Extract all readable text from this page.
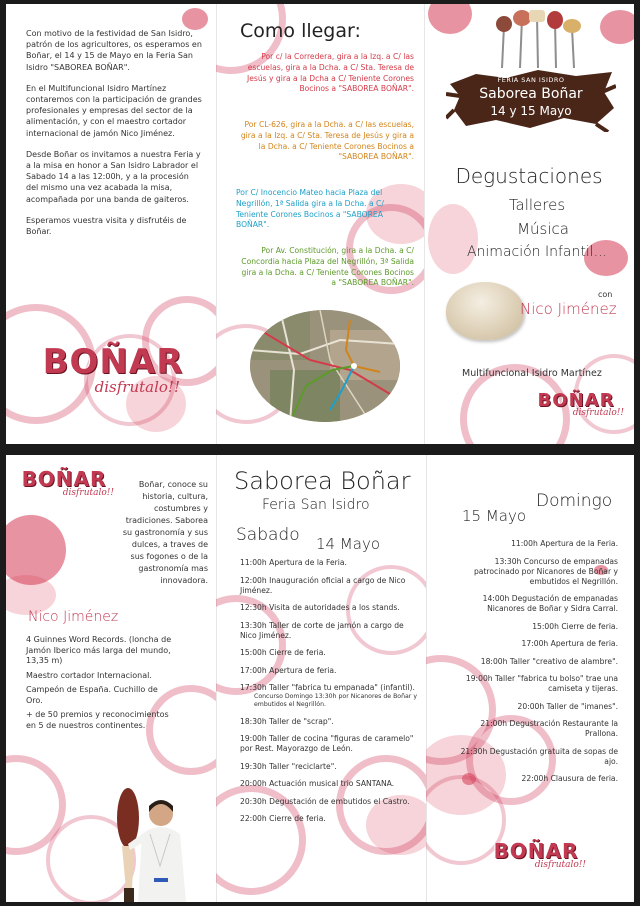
Con motivo de la festividad de San Isidro, patrón de los agricultores, os esperamos en Boñar, el 14 y 15 de Mayo en la Feria San Isidro "SABOREA BOÑAR".

En el Multifuncional Isidro Martínez contaremos con la participación de grandes profesionales y empresas del sector de la alimentación, y con el maestro cortador internacional de jamón Nico Jiménez.

Desde Boñar os invitamos a nuestra Feria y a la misa en honor a San Isidro Labrador el Sabado 14 a las 12:00h, y a la procesión del mismo una vez acabada la misa, acompañada por una banda de gaiteros.

Esperamos vuestra visita y disfrutéis de Boñar.

BOÑAR
disfrutalo!!
Como llegar:
Por c/ la Corredera, gira a la Izq. a C/ las escuelas, gira a la Dcha. a C/ Sta. Teresa de Jesús y gira a la Dcha a C/ Teniente Corones Bocinos a "SABOREA BOÑAR".
Por CL-626, gira a la Dcha. a C/ las escuelas, gira a la Izq. a C/ Sta. Teresa de Jesús y gira a la Dcha. a C/ Teniente Corones Bocinos a "SABOREA BOÑAR".
Por C/ Inocencio Mateo hacia Plaza del Negrillón, 1ª Salida gira a la Dcha. a C/ Teniente Corones Bocinos a "SABOREA BOÑAR".
Por Av. Constitución, gira a la Dcha. a C/ Concordia hacia Plaza del Negrillón, 3ª Salida gira a la Dcha. a C/ Teniente Corones Bocinos a "SABOREA BOÑAR".
FERIA SAN ISIDRO
Saborea Boñar
14 y 15 Mayo
Degustaciones
Talleres
Música
Animación Infantil...
con
Nico Jiménez
Multifuncional Isidro Martínez
BOÑAR
disfrutalo!!
BOÑAR
disfrutalo!!
Boñar, conoce su historia, cultura, costumbres y tradiciones. Saborea su gastronomía y sus dulces, a traves de sus fogones o de la gastronomía mas innovadora.
Nico Jiménez
4 Guinnes Word Records. (loncha de Jamón Iberico más larga del mundo, 13,35 m)
Maestro cortador Internacional.
Campeón de España. Cuchillo de Oro.
+ de 50 premios y reconocimientos en 5 de nuestros continentes.
Saborea Boñar
Feria San Isidro
Sabado 14 Mayo
11:00h Apertura de la Feria.
12:00h Inauguración oficial a cargo de Nico Jiménez.
12:30h Visita de autoridades a los stands.
13:30h Taller de corte de jamón a cargo de Nico Jiménez.
15:00h Cierre de feria.
17:00h Apertura de feria.
17:30h Taller "fabrica tu empanada" (infantil).
Concurso Domingo 13:30h por Nicanores de Boñar y embutidos el Negrillón.
18:30h Taller de "scrap".
19:00h Taller de cocina "figuras de caramelo" por Rest. Mayorazgo de León.
19:30h Taller "reciclarte".
20:00h Actuación musical trio SANTANA.
20:30h Degustación de embutidos el Castro.
22:00h Cierre de feria.
Domingo
15 Mayo
11:00h Apertura de la Feria.
13:30h Concurso de empanadas patrocinado por Nicanores de Boñar y embutidos el Negrillón.
14:00h Degustación de empanadas Nicanores de Boñar y Sidra Carral.
15:00h Cierre de feria.
17:00h Apertura de feria.
18:00h Taller "creativo de alambre".
19:00h Taller "fabrica tu bolso" trae una camiseta y tijeras.
20:00h Taller de "imanes".
21:00h Degustración Restaurante la Prallona.
21:30h Degustación gratuita de sopas de ajo.
22:00h Clausura de feria.
BOÑAR
disfrutalo!!
